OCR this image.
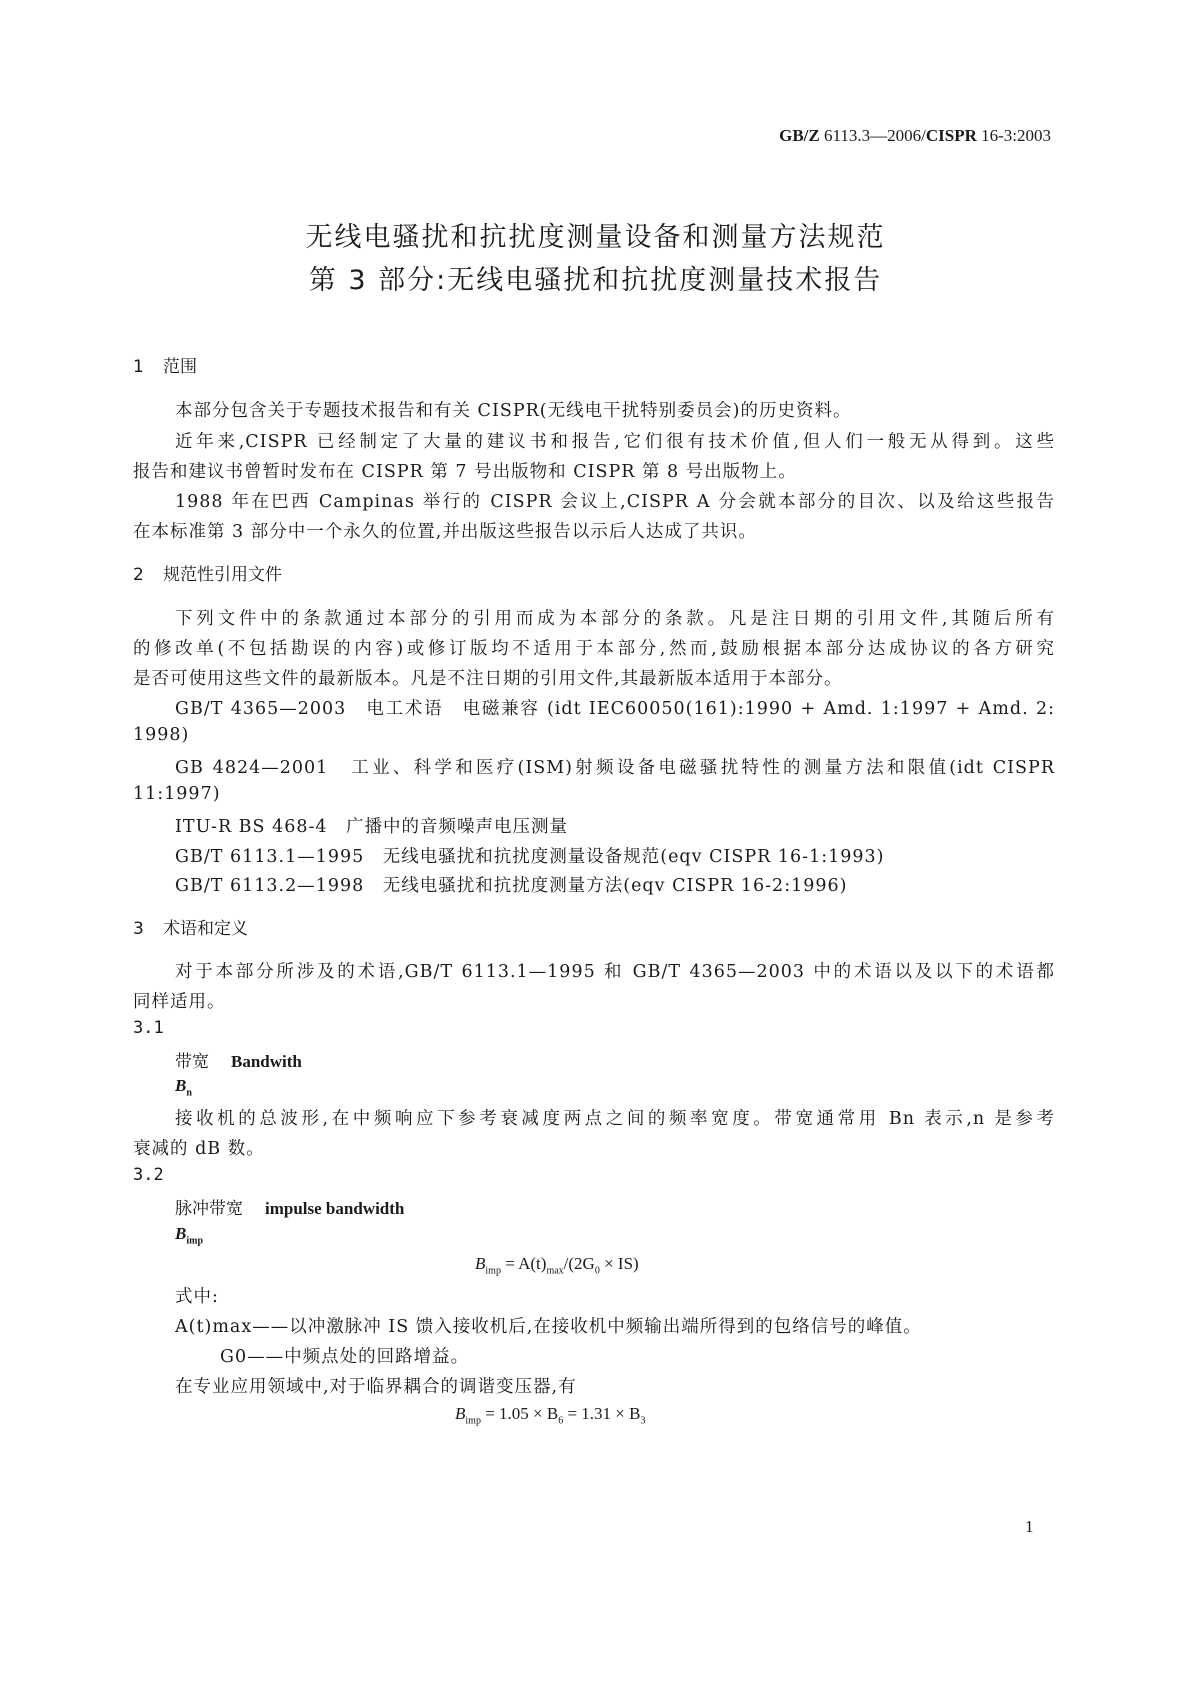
GB/Z 6113.3—2006/CISPR 16-3:2003
无线电骚扰和抗扰度测量设备和测量方法规范
第 3 部分:无线电骚扰和抗扰度测量技术报告
1 范围
本部分包含关于专题技术报告和有关 CISPR(无线电干扰特别委员会)的历史资料。
近年来,CISPR 已经制定了大量的建议书和报告,它们很有技术价值,但人们一般无从得到。这些
报告和建议书曾暂时发布在 CISPR 第 7 号出版物和 CISPR 第 8 号出版物上。
1988 年在巴西 Campinas 举行的 CISPR 会议上,CISPR A 分会就本部分的目次、以及给这些报告
在本标准第 3 部分中一个永久的位置,并出版这些报告以示后人达成了共识。
2 规范性引用文件
下列文件中的条款通过本部分的引用而成为本部分的条款。凡是注日期的引用文件,其随后所有
的修改单(不包括勘误的内容)或修订版均不适用于本部分,然而,鼓励根据本部分达成协议的各方研究
是否可使用这些文件的最新版本。凡是不注日期的引用文件,其最新版本适用于本部分。
GB/T 4365—2003　电工术语　电磁兼容 (idt IEC60050(161):1990 + Amd. 1:1997 + Amd. 2:
1998)
GB 4824—2001　工业、科学和医疗(ISM)射频设备电磁骚扰特性的测量方法和限值(idt CISPR
11:1997)
ITU-R BS 468-4　广播中的音频噪声电压测量
GB/T 6113.1—1995　无线电骚扰和抗扰度测量设备规范(eqv CISPR 16-1:1993)
GB/T 6113.2—1998　无线电骚扰和抗扰度测量方法(eqv CISPR 16-2:1996)
3 术语和定义
对于本部分所涉及的术语,GB/T 6113.1—1995 和 GB/T 4365—2003 中的术语以及以下的术语都
同样适用。
3.1
带宽 Bandwith
$B_n$
接收机的总波形,在中频响应下参考衰减度两点之间的频率宽度。带宽通常用 Bn 表示,n 是参考
衰减的 dB 数。
3.2
脉冲带宽 impulse bandwidth
$B_{imp}$
$B_{imp} = A(t)_{max}/(2G_0 \times IS)$
式中:
A(t)max——以冲激脉冲 IS 馈入接收机后,在接收机中频输出端所得到的包络信号的峰值。
G0——中频点处的回路增益。
在专业应用领域中,对于临界耦合的调谐变压器,有
$B_{imp} = 1.05 \times B_6 = 1.31 \times B_3$
1
